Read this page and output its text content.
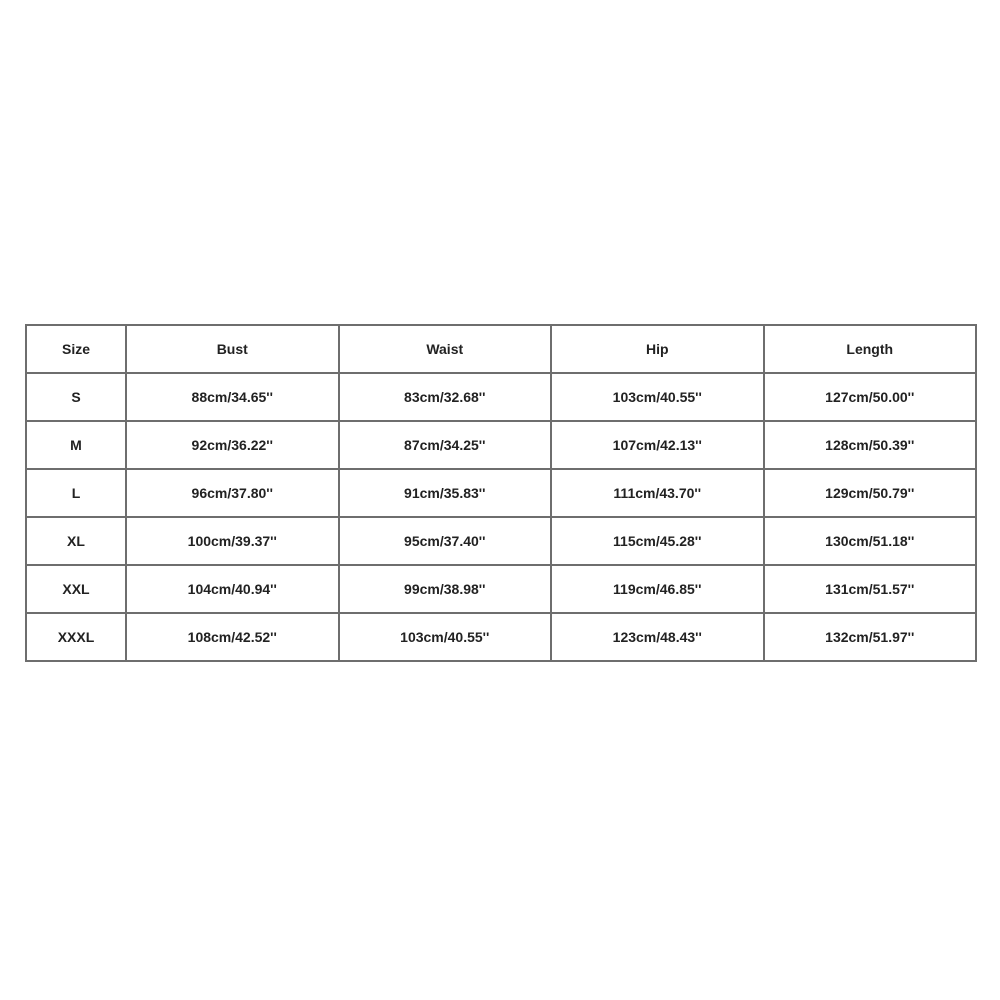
Size	Bust	Waist	Hip	Length
S	88cm/34.65''	83cm/32.68''	103cm/40.55''	127cm/50.00''
M	92cm/36.22''	87cm/34.25''	107cm/42.13''	128cm/50.39''
L	96cm/37.80''	91cm/35.83''	111cm/43.70''	129cm/50.79''
XL	100cm/39.37''	95cm/37.40''	115cm/45.28''	130cm/51.18''
XXL	104cm/40.94''	99cm/38.98''	119cm/46.85''	131cm/51.57''
XXXL	108cm/42.52''	103cm/40.55''	123cm/48.43''	132cm/51.97''
